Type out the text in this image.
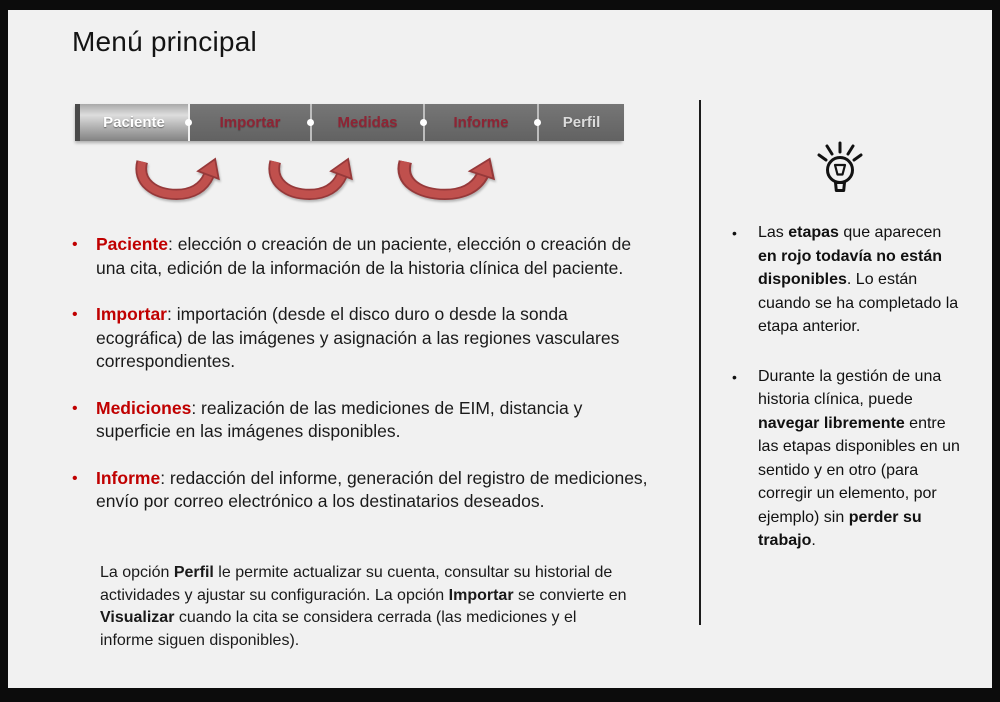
Menú principal
Paciente	Importar	Medidas	Informe	Perfil
•	Paciente: elección o creación de un paciente, elección o creación de una cita, edición de la información de la historia clínica del paciente.
•	Importar: importación (desde el disco duro o desde la sonda ecográfica) de las imágenes y asignación a las regiones vasculares correspondientes.
•	Mediciones: realización de las mediciones de EIM, distancia y superficie en las imágenes disponibles.
•	Informe: redacción del informe, generación del registro de mediciones, envío por correo electrónico a los destinatarios deseados.
La opción Perfil le permite actualizar su cuenta, consultar su historial de actividades y ajustar su configuración. La opción Importar se convierte en Visualizar cuando la cita se considera cerrada (las mediciones y el informe siguen disponibles).
•	Las etapas que aparecen en rojo todavía no están disponibles. Lo están cuando se ha completado la etapa anterior.
•	Durante la gestión de una historia clínica, puede navegar libremente entre las etapas disponibles en un sentido y en otro (para corregir un elemento, por ejemplo) sin perder su trabajo.
